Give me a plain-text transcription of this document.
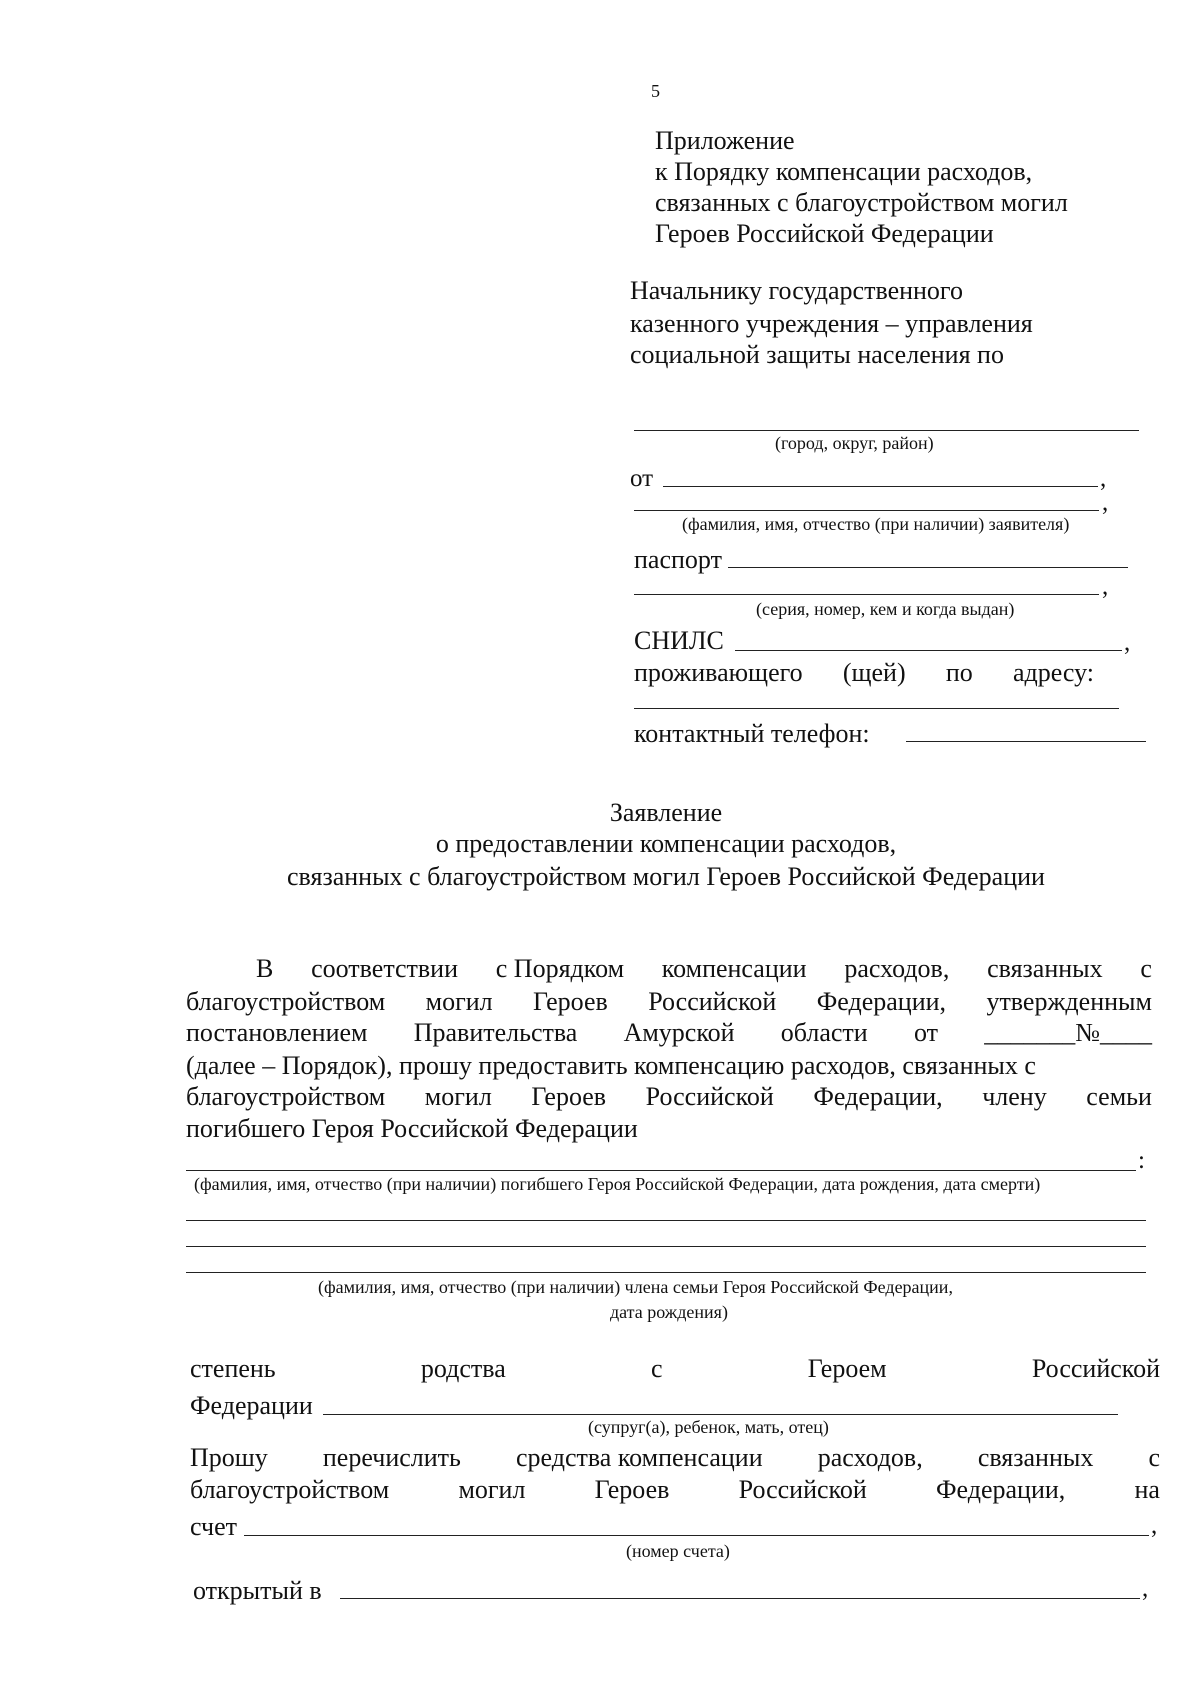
5
Приложение
к Порядку компенсации расходов,
связанных с благоустройством могил
Героев Российской Федерации
Начальнику государственного
казенного учреждения – управления
социальной защиты населения по
(город, округ, район)
от	,
,
(фамилия, имя, отчество (при наличии) заявителя)
паспорт
,
(серия, номер, кем и когда выдан)
СНИЛС	,
проживающего (щей) по адресу:
контактный телефон:
Заявление
о предоставлении компенсации расходов,
связанных с благоустройством могил Героев Российской Федерации
В соответствии с Порядком компенсации расходов, связанных с
благоустройством могил Героев Российской Федерации, утвержденным
постановлением Правительства Амурской области от _______№____
(далее – Порядок), прошу предоставить компенсацию расходов, связанных с
благоустройством могил Героев Российской Федерации, члену семьи
погибшего Героя Российской Федерации
:
(фамилия, имя, отчество (при наличии) погибшего Героя Российской Федерации, дата рождения, дата смерти)
(фамилия, имя, отчество (при наличии) члена семьи Героя Российской Федерации,
дата рождения)
степень	родства	с	Героем	Российской
Федерации
(супруг(а), ребенок, мать, отец)
Прошу перечислить средства компенсации расходов, связанных с
благоустройством	могил	Героев	Российской	Федерации,	на
счет	,
(номер счета)
открытый в	,
